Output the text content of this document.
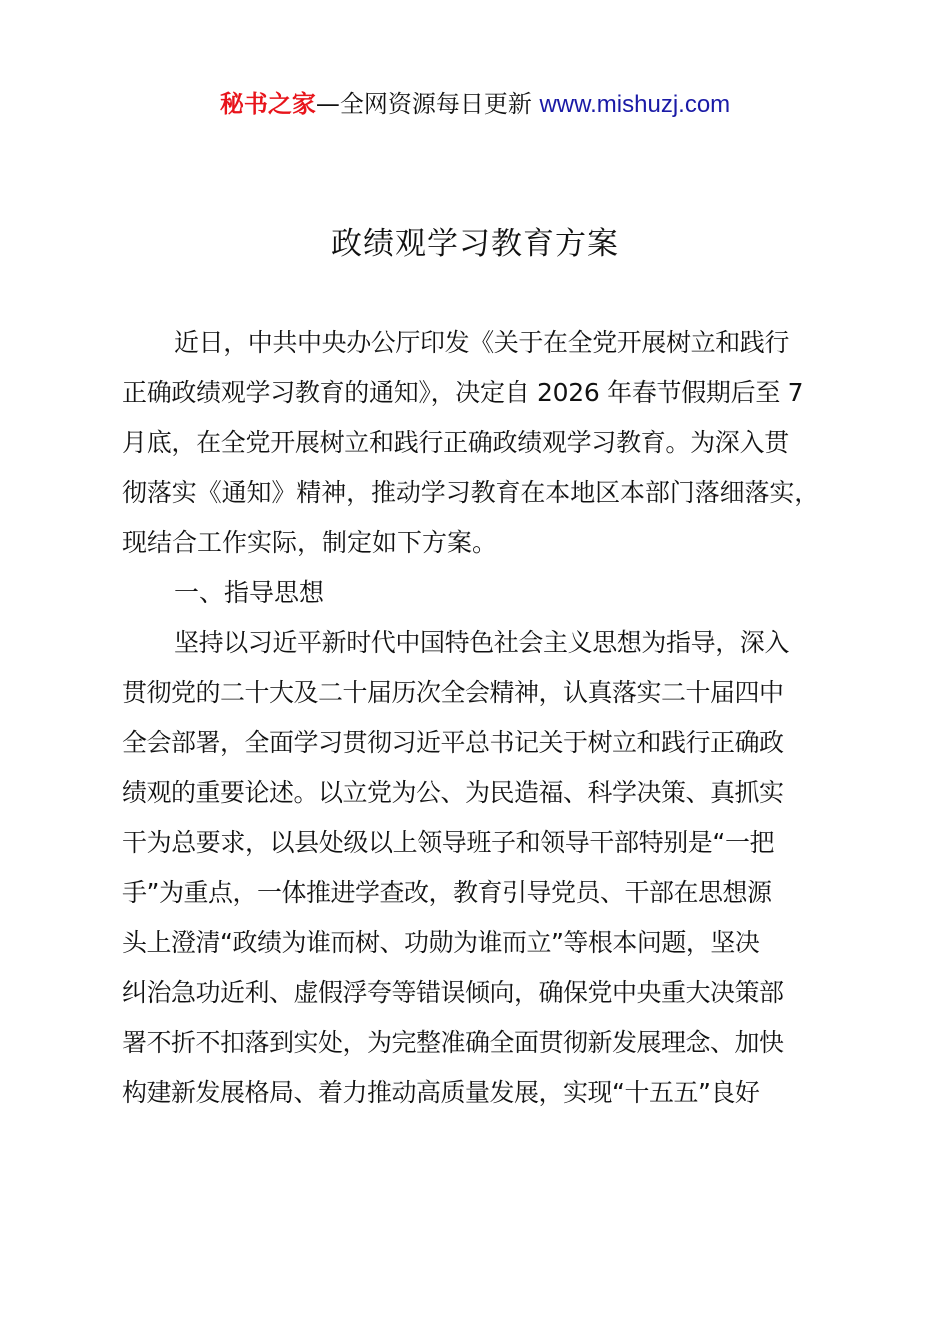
秘书之家—全网资源每日更新 www.mishuzj.com
政绩观学习教育方案
近日，中共中央办公厅印发《关于在全党开展树立和践行
正确政绩观学习教育的通知》，决定自 2026 年春节假期后至 7
月底，在全党开展树立和践行正确政绩观学习教育。为深入贯
彻落实《通知》精神，推动学习教育在本地区本部门落细落实，
现结合工作实际，制定如下方案。
一、指导思想
坚持以习近平新时代中国特色社会主义思想为指导，深入
贯彻党的二十大及二十届历次全会精神，认真落实二十届四中
全会部署，全面学习贯彻习近平总书记关于树立和践行正确政
绩观的重要论述。以立党为公、为民造福、科学决策、真抓实
干为总要求，以县处级以上领导班子和领导干部特别是“一把
手”为重点，一体推进学查改，教育引导党员、干部在思想源
头上澄清“政绩为谁而树、功勋为谁而立”等根本问题，坚决
纠治急功近利、虚假浮夸等错误倾向，确保党中央重大决策部
署不折不扣落到实处，为完整准确全面贯彻新发展理念、加快
构建新发展格局、着力推动高质量发展，实现“十五五”良好
